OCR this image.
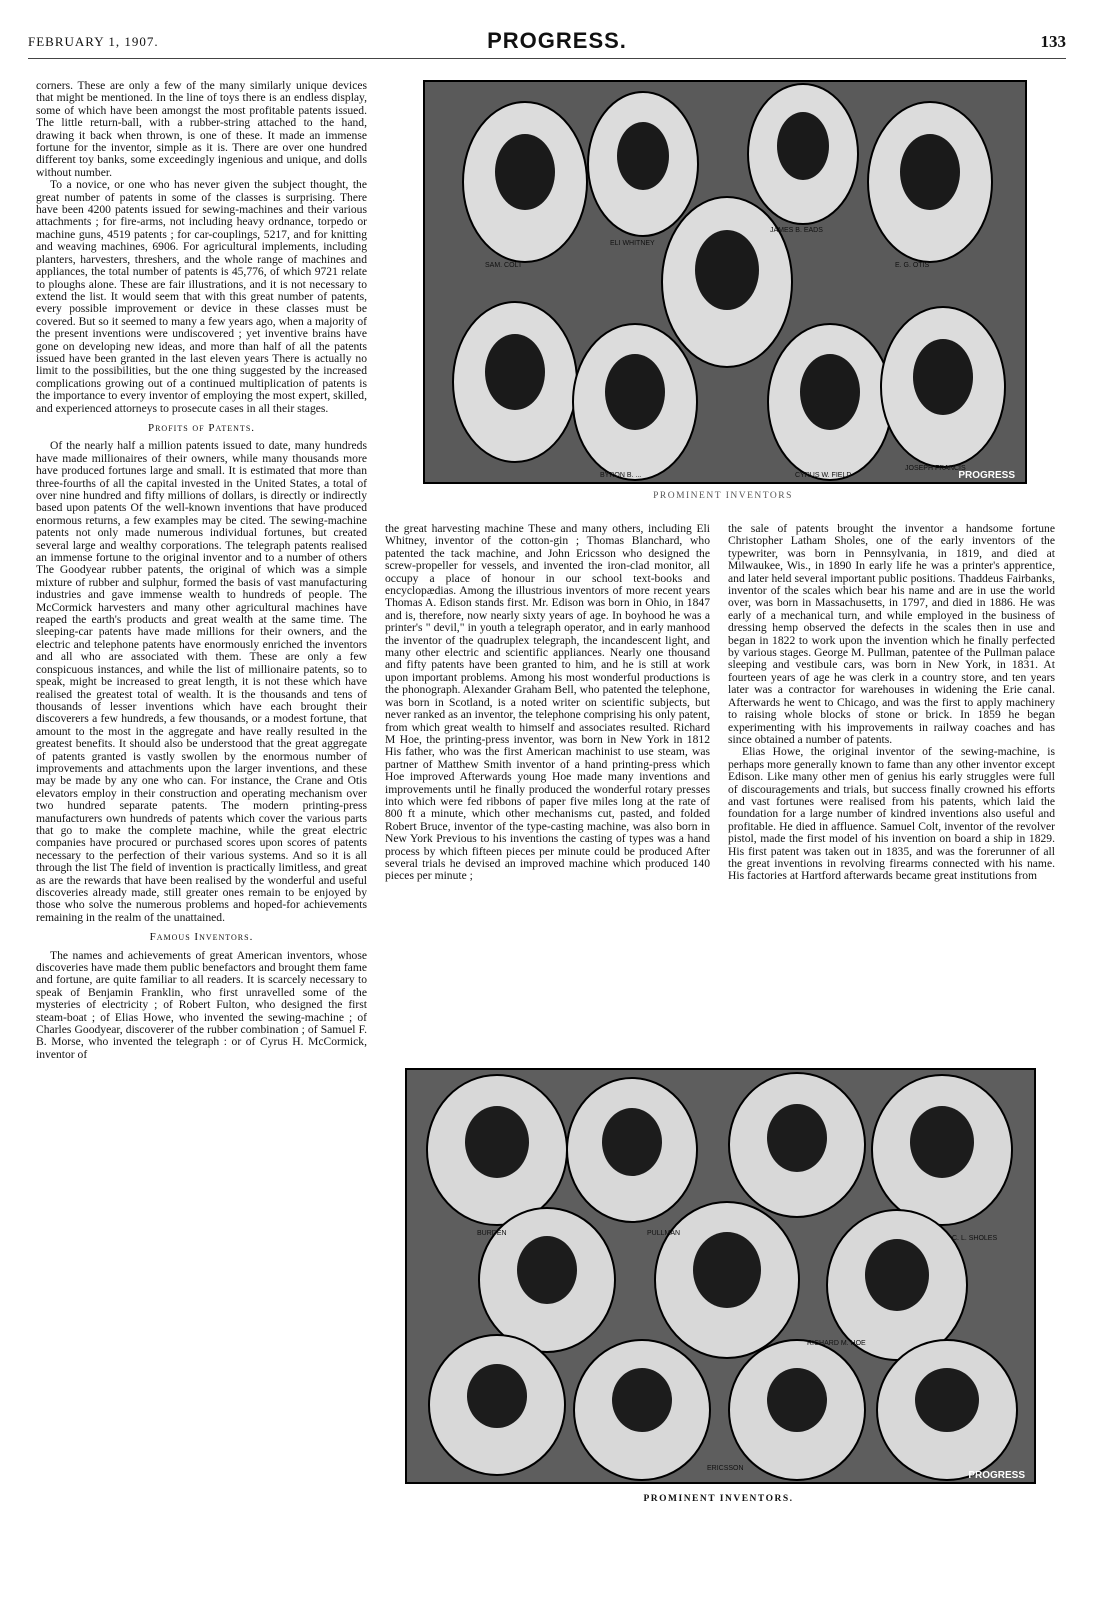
FEBRUARY 1, 1907.	PROGRESS.	133

corners. These are only a few of the many similarly unique devices that might be mentioned. In the line of toys there is an endless display, some of which have been amongst the most profitable patents issued. The little return-ball, with a rubber-string attached to the hand, drawing it back when thrown, is one of these. It made an immense fortune for the inventor, simple as it is. There are over one hundred different toy banks, some exceedingly ingenious and unique, and dolls without number.

To a novice, or one who has never given the subject thought, the great number of patents in some of the classes is surprising. There have been 4200 patents issued for sewing-machines and their various attachments ; for fire-arms, not including heavy ordnance, torpedo or machine guns, 4519 patents ; for car-couplings, 5217, and for knitting and weaving machines, 6906. For agricultural implements, including planters, harvesters, threshers, and the whole range of machines and appliances, the total number of patents is 45,776, of which 9721 relate to ploughs alone. These are fair illustrations, and it is not necessary to extend the list. It would seem that with this great number of patents, every possible improvement or device in these classes must be covered. But so it seemed to many a few years ago, when a majority of the present inventions were undiscovered ; yet inventive brains have gone on developing new ideas, and more than half of all the patents issued have been granted in the last eleven years There is actually no limit to the possibilities, but the one thing suggested by the increased complications growing out of a continued multiplication of patents is the importance to every inventor of employing the most expert, skilled, and experienced attorneys to prosecute cases in all their stages.

Profits of Patents.

Of the nearly half a million patents issued to date, many hundreds have made millionaires of their owners, while many thousands more have produced fortunes large and small. It is estimated that more than three-fourths of all the capital invested in the United States, a total of over nine hundred and fifty millions of dollars, is directly or indirectly based upon patents Of the well-known inventions that have produced enormous returns, a few examples may be cited. The sewing-machine patents not only made numerous individual fortunes, but created several large and wealthy corporations. The telegraph patents realised an immense fortune to the original inventor and to a number of others The Goodyear rubber patents, the original of which was a simple mixture of rubber and sulphur, formed the basis of vast manufacturing industries and gave immense wealth to hundreds of people. The McCormick harvesters and many other agricultural machines have reaped the earth's products and great wealth at the same time. The sleeping-car patents have made millions for their owners, and the electric and telephone patents have enormously enriched the inventors and all who are associated with them. These are only a few conspicuous instances, and while the list of millionaire patents, so to speak, might be increased to great length, it is not these which have realised the greatest total of wealth. It is the thousands and tens of thousands of lesser inventions which have each brought their discoverers a few hundreds, a few thousands, or a modest fortune, that amount to the most in the aggregate and have really resulted in the greatest benefits. It should also be understood that the great aggregate of patents granted is vastly swollen by the enormous number of improvements and attachments upon the larger inventions, and these may be made by any one who can. For instance, the Crane and Otis elevators employ in their construction and operating mechanism over two hundred separate patents. The modern printing-press manufacturers own hundreds of patents which cover the various parts that go to make the complete machine, while the great electric companies have procured or purchased scores upon scores of patents necessary to the perfection of their various systems. And so it is all through the list The field of invention is practically limitless, and great as are the rewards that have been realised by the wonderful and useful discoveries already made, still greater ones remain to be enjoyed by those who solve the numerous problems and hoped-for achievements remaining in the realm of the unattained.

Famous Inventors.

The names and achievements of great American inventors, whose discoveries have made them public benefactors and brought them fame and fortune, are quite familiar to all readers. It is scarcely necessary to speak of Benjamin Franklin, who first unravelled some of the mysteries of electricity ; of Robert Fulton, who designed the first steam-boat ; of Elias Howe, who invented the sewing-machine ; of Charles Goodyear, discoverer of the rubber combination ; of Samuel F. B. Morse, who invented the telegraph : or of Cyrus H. McCormick, inventor of

SAM. COLT
ELI WHITNEY
JAMES B. EADS
E. G. OTIS
BYRON B. ...	CYRUS W. FIELD
JOSEPH FRANCIS
PROGRESS
PROMINENT INVENTORS

the great harvesting machine These and many others, including Eli Whitney, inventor of the cotton-gin ; Thomas Blanchard, who patented the tack machine, and John Ericsson who designed the screw-propeller for vessels, and invented the iron-clad monitor, all occupy a place of honour in our school text-books and encyclopædias. Among the illustrious inventors of more recent years Thomas A. Edison stands first. Mr. Edison was born in Ohio, in 1847 and is, therefore, now nearly sixty years of age. In boyhood he was a printer's " devil," in youth a telegraph operator, and in early manhood the inventor of the quadruplex telegraph, the incandescent light, and many other electric and scientific appliances. Nearly one thousand and fifty patents have been granted to him, and he is still at work upon important problems. Among his most wonderful productions is the phonograph. Alexander Graham Bell, who patented the telephone, was born in Scotland, is a noted writer on scientific subjects, but never ranked as an inventor, the telephone comprising his only patent, from which great wealth to himself and associates resulted. Richard M Hoe, the printing-press inventor, was born in New York in 1812 His father, who was the first American machinist to use steam, was partner of Matthew Smith inventor of a hand printing-press which Hoe improved Afterwards young Hoe made many inventions and improvements until he finally produced the wonderful rotary presses into which were fed ribbons of paper five miles long at the rate of 800 ft a minute, which other mechanisms cut, pasted, and folded Robert Bruce, inventor of the type-casting machine, was also born in New York Previous to his inventions the casting of types was a hand process by which fifteen pieces per minute could be produced After several trials he devised an improved machine which produced 140 pieces per minute ;

the sale of patents brought the inventor a handsome fortune Christopher Latham Sholes, one of the early inventors of the typewriter, was born in Pennsylvania, in 1819, and died at Milwaukee, Wis., in 1890 In early life he was a printer's apprentice, and later held several important public positions. Thaddeus Fairbanks, inventor of the scales which bear his name and are in use the world over, was born in Massachusetts, in 1797, and died in 1886. He was early of a mechanical turn, and while employed in the business of dressing hemp observed the defects in the scales then in use and began in 1822 to work upon the invention which he finally perfected by various stages. George M. Pullman, patentee of the Pullman palace sleeping and vestibule cars, was born in New York, in 1831. At fourteen years of age he was clerk in a country store, and ten years later was a contractor for warehouses in widening the Erie canal. Afterwards he went to Chicago, and was the first to apply machinery to raising whole blocks of stone or brick. In 1859 he began experimenting with his improvements in railway coaches and has since obtained a number of patents.

Elias Howe, the original inventor of the sewing-machine, is perhaps more generally known to fame than any other inventor except Edison. Like many other men of genius his early struggles were full of discouragements and trials, but success finally crowned his efforts and vast fortunes were realised from his patents, which laid the foundation for a large number of kindred inventions also useful and profitable. He died in affluence. Samuel Colt, inventor of the revolver pistol, made the first model of his invention on board a ship in 1829. His first patent was taken out in 1835, and was the forerunner of all the great inventions in revolving firearms connected with his name. His factories at Hartford afterwards became great institutions from

BURDEN	PULLMAN
C. L. SHOLES
RICHARD M. HOE
ERICSSON
PROGRESS
PROMINENT INVENTORS.
